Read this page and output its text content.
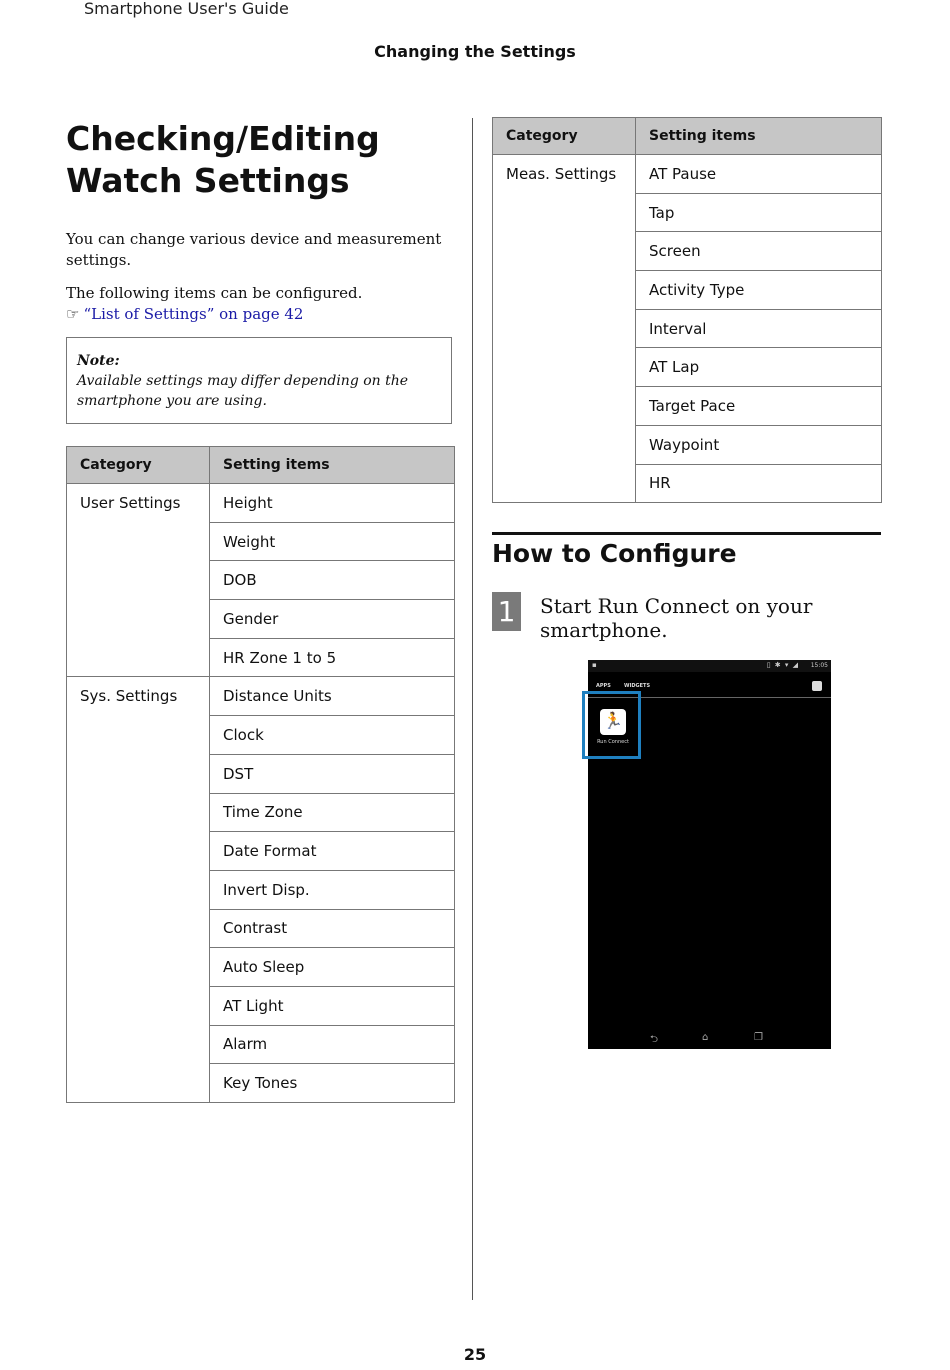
Smartphone User's Guide
Changing the Settings
Checking/Editing Watch Settings

You can change various device and measurement settings.

The following items can be configured.
☞ “List of Settings” on page 42

Note:
Available settings may differ depending on the smartphone you are using.
Category	Setting items
User Settings	Height
	Weight
	DOB
	Gender
	HR Zone 1 to 5
Sys. Settings	Distance Units
	Clock
	DST
	Time Zone
	Date Format
	Invert Disp.
	Contrast
	Auto Sleep
	AT Light
	Alarm
	Key Tones
Category	Setting items
Meas. Settings	AT Pause
	Tap
	Screen
	Activity Type
	Interval
	AT Lap
	Target Pace
	Waypoint
	HR
How to Configure
1 Start Run Connect on your smartphone.

▪	▯ ✱ ▾ ◢ 15:05
APPS	WIDGETS
⮌	⌂	❐
🏃
Run Connect
25
